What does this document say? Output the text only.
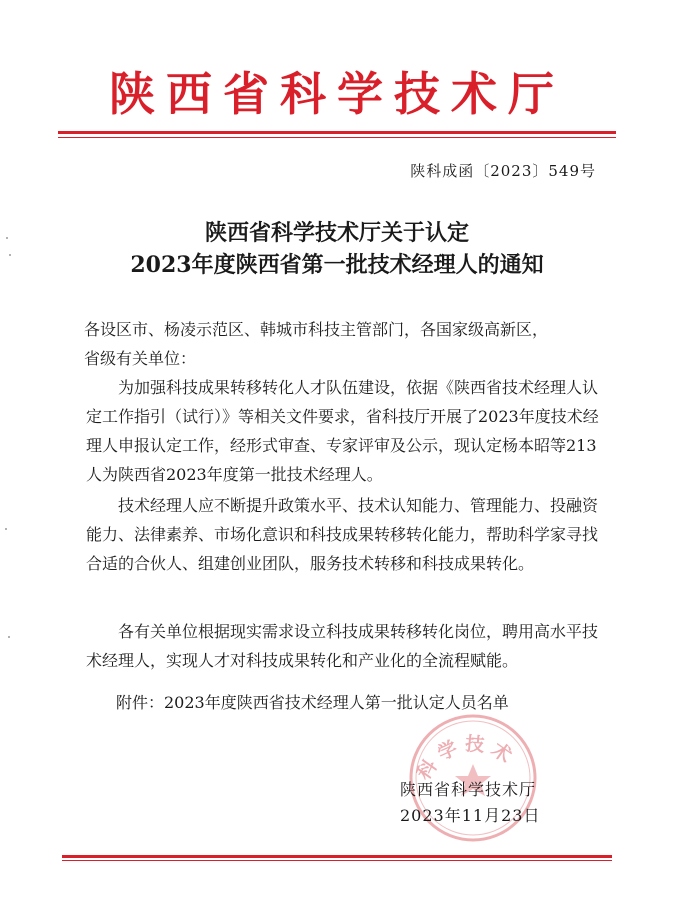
陕西省科学技术厅
陕科成函〔2023〕549号
陕西省科学技术厅关于认定
2023年度陕西省第一批技术经理人的通知

各设区市、杨凌示范区、韩城市科技主管部门，各国家级高新区，

省级有关单位：

为加强科技成果转移转化人才队伍建设，依据《陕西省技术经理人认定工作指引（试行）》等相关文件要求，省科技厅开展了2023年度技术经理人申报认定工作，经形式审查、专家评审及公示，现认定杨本昭等213人为陕西省2023年度第一批技术经理人。

技术经理人应不断提升政策水平、技术认知能力、管理能力、投融资能力、法律素养、市场化意识和科技成果转移转化能力，帮助科学家寻找合适的合伙人、组建创业团队，服务技术转移和科技成果转化。

各有关单位根据现实需求设立科技成果转移转化岗位，聘用高水平技术经理人，实现人才对科技成果转化和产业化的全流程赋能。

附件：2023年度陕西省技术经理人第一批认定人员名单

科学技术
陕西省科学技术厅
2023年11月23日
